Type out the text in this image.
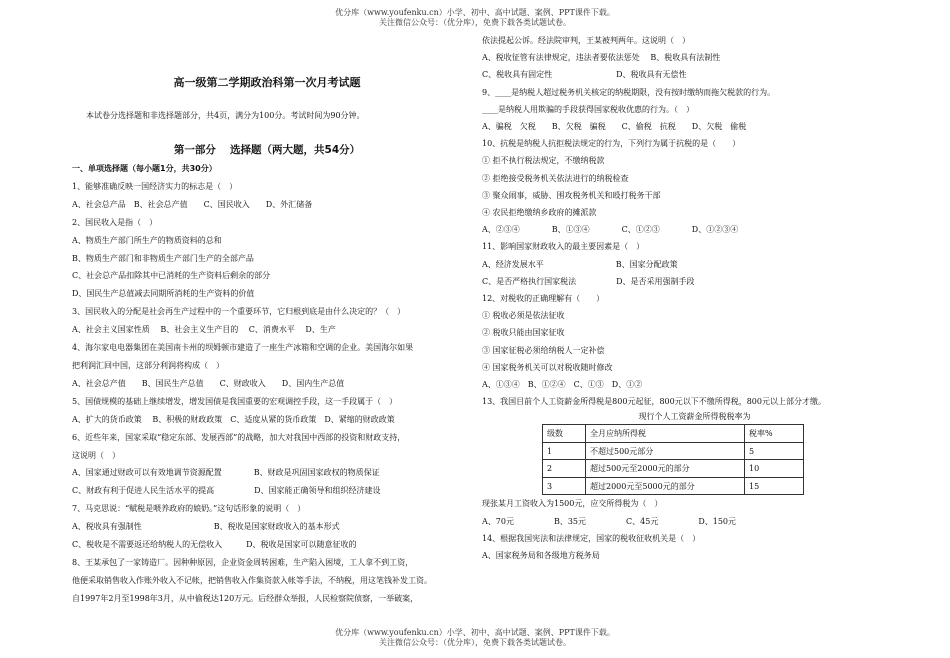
优分库（www.youfenku.cn）小学、初中、高中试题、案例、PPT课件下载。
关注微信公众号：（优分库），免费下载各类试题试卷。
高一级第二学期政治科第一次月考试题
本试卷分选择题和非选择题部分，共4页，满分为100分。考试时间为90分钟。
第一部分　 选择题（两大题，共54分）
一、单项选择题（每小题1分，共30分）
1、能够准确反映一国经济实力的标志是（　）
A、社会总产品　B、社会总产值　　C、国民收入　　D、外汇储备
2、国民收入是指（　）
A、物质生产部门所生产的物质资料的总和
B、物质生产部门和非物质生产部门生产的全部产品
C、社会总产品扣除其中已消耗的生产资料后剩余的部分
D、国民生产总值减去同期所消耗的生产资料的价值
3、国民收入的分配是社会再生产过程中的一个重要环节，它归根到底是由什么决定的？（　）
A、社会主义国家性质　 B、社会主义生产目的　 C、消费水平　 D、生产
4、海尔家电电器集团在美国南卡州的坝姆顿市建造了一座生产冰箱和空调的企业。美国海尔如果
把利润汇回中国，这部分利润将构成（　）
A、社会总产值　　B、国民生产总值　　C、财政收入　　D、国内生产总值
5、国债规模的基础上继续增发，增发国债是我国重要的宏观调控手段，这一手段属于（　）
A、扩大的货币政策　 B、积极的财政政策　C、适度从紧的货币政策　D、紧缩的财政政策
6、近些年来，国家采取“稳定东部、发展西部”的战略，加大对我国中西部的投资和财政支持，
这说明（　）
A、国家通过财政可以有效地调节资源配置　　　　B、财政是巩固国家政权的物质保证
C、财政有利于促进人民生活水平的提高　　　　　D、国家能正确领导和组织经济建设
7、马克思说：“赋税是喂养政府的娘奶。”这句话形象的说明（　）
A、税收具有强制性　　　　　　　　　B、税收是国家财政收入的基本形式
C、税收是不需要返还给纳税人的无偿收入　　　D、税收是国家可以随意征收的
8、王某承包了一家铸造厂。因种种原因，企业资金周转困难，生产陷入困境，工人拿不到工资，
他便采取销售收入作账外收入不记帐，把销售收入作集资款入帐等手法，不纳税，用这笔钱补发工资。
自1997年2月至1998年3月，从中偷税达120万元。后经群众举报，人民检察院侦察，一举破案，
依法提起公诉。经法院审判，王某被判两年。这说明（　）
A、税收征管有法律规定，违法者要依法惩处　 B、税收具有法制性
C、税收具有固定性　　　　　　　　D、税收具有无偿性
9、____是纳税人超过税务机关核定的纳税期限，没有按时缴纳而拖欠税款的行为。
____是纳税人用欺骗的手段获得国家税收优惠的行为。（　）
A、骗税　欠税　　B、欠税　骗税　　C、偷税　抗税　　D、欠税　偷税
10、抗税是纳税人抗拒税法规定的行为，下列行为属于抗税的是（　　）
① 拒不执行税法规定，不缴纳税款
② 拒绝接受税务机关依法进行的纳税检查
③ 聚众闹事，威胁、围攻税务机关和殴打税务干部
④ 农民拒绝缴纳乡政府的摊派款
A、②③④　　　　B、①③④　　　　C、①②③　　　　D、①②③④
11、影响国家财政收入的最主要因素是（　）
A、经济发展水平　　　　　　　　　B、国家分配政策
C、是否严格执行国家税法　　　　　D、是否采用强制手段
12、对税收的正确理解有（　　）
① 税收必须是依法征收
② 税收只能由国家征收
③ 国家征税必须给纳税人一定补偿
④ 国家税务机关可以对税收随时修改
A、①③④　B、①②④　C、①③　D、①②
13、我国目前个人工资薪金所得税是800元起征，800元以下不缴所得税，800元以上部分才缴。
现行个人工资薪金所得税税率为
级数	全月应纳所得税	税率%
1	不超过500元部分	5
2	超过500元至2000元的部分	10
3	超过2000元至5000元的部分	15
现张某月工资收入为1500元，应交所得税为（　）
A、70元　　　　　B、35元　　　　　C、45元　　　　　D、150元
14、根据我国宪法和法律规定，国家的税收征收机关是（　）
A、国家税务局和各级地方税务局
优分库（www.youfenku.cn）小学、初中、高中试题、案例、PPT课件下载。
关注微信公众号：（优分库），免费下载各类试题试卷。
